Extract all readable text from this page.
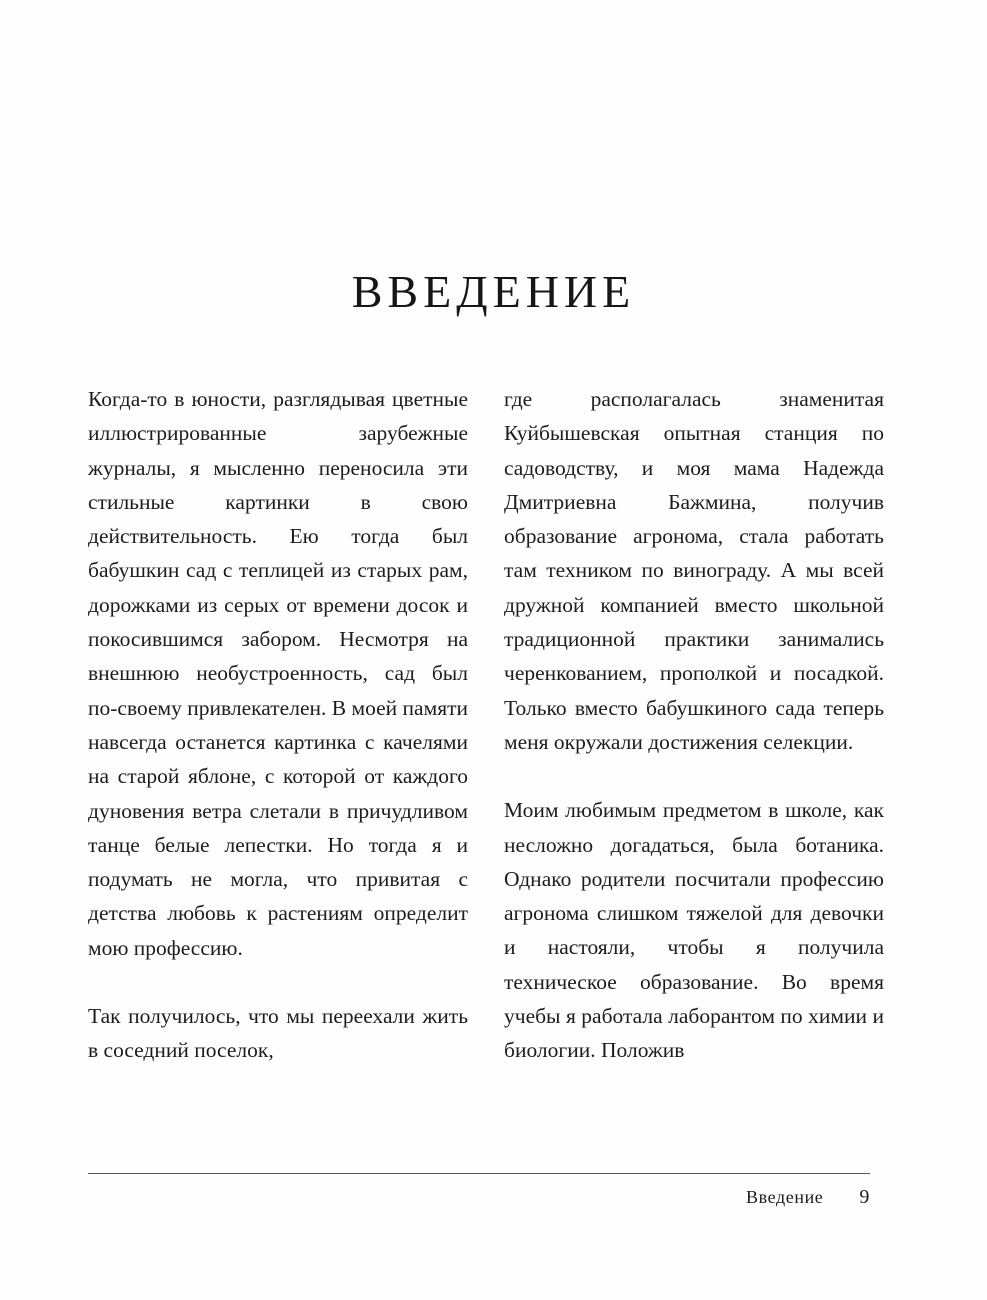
ВВЕДЕНИЕ

Когда-то в юности, разглядывая цветные иллюстрированные зарубежные журналы, я мысленно переносила эти стильные картинки в свою действительность. Ею тогда был бабушкин сад с теплицей из старых рам, дорожками из серых от времени досок и покосившимся забором. Несмотря на внешнюю необустроенность, сад был по-своему привлекателен. В моей памяти навсегда останется картинка с качелями на старой яблоне, с которой от каждого дуновения ветра слетали в причудливом танце белые лепестки. Но тогда я и подумать не могла, что привитая с детства любовь к растениям определит мою профессию.

Так получилось, что мы переехали жить в соседний поселок,

где располагалась знаменитая Куйбышевская опытная станция по садоводству, и моя мама Надежда Дмитриевна Бажмина, получив образование агронома, стала работать там техником по винограду. А мы всей дружной компанией вместо школьной традиционной практики занимались черенкованием, прополкой и посадкой. Только вместо бабушкиного сада теперь меня окружали достижения селекции.

Моим любимым предметом в школе, как несложно догадаться, была ботаника. Однако родители посчитали профессию агронома слишком тяжелой для девочки и настояли, чтобы я получила техническое образование. Во время учебы я работала лаборантом по химии и биологии. Положив

Введение 9
